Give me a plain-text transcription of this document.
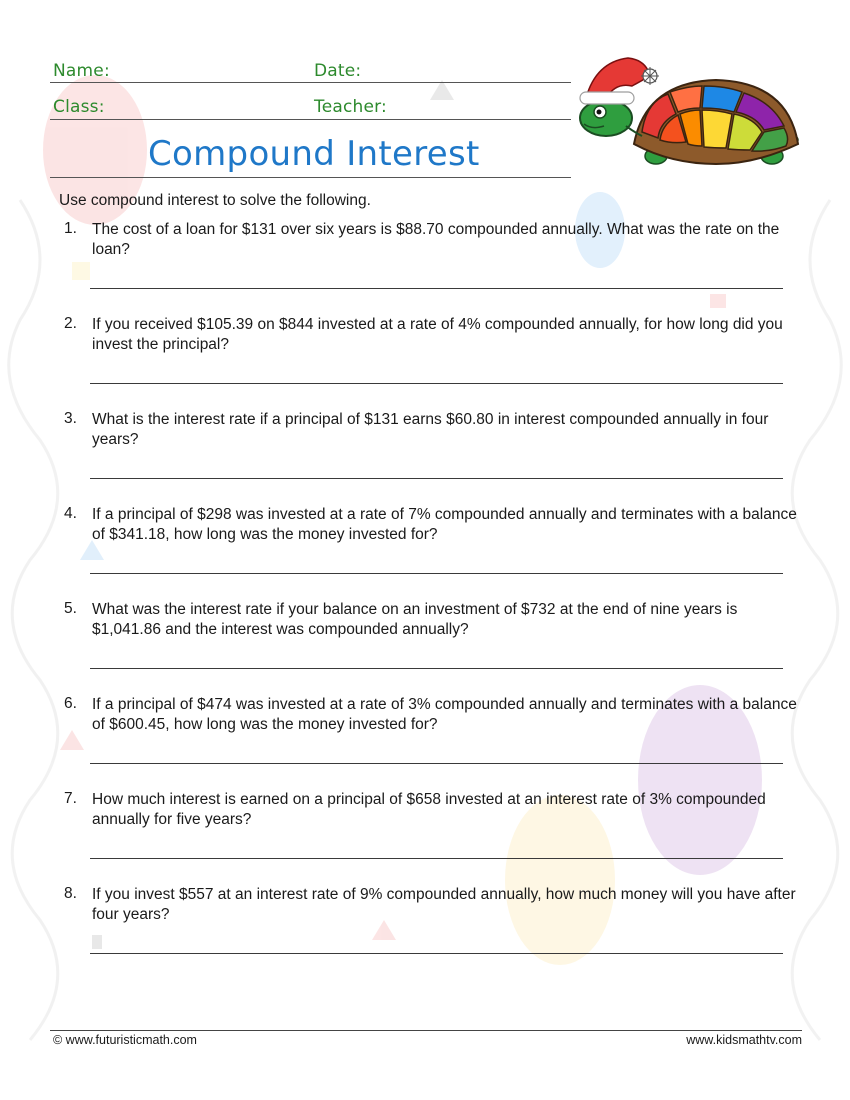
Name:	Date:
Class:	Teacher:
Compound Interest
Use compound interest to solve the following.
1. The cost of a loan for $131 over six years is $88.70 compounded annually. What was the rate on the loan?
2. If you received $105.39 on $844 invested at a rate of 4% compounded annually, for how long did you invest the principal?
3. What is the interest rate if a principal of $131 earns $60.80 in interest compounded annually in four years?
4. If a principal of $298 was invested at a rate of 7% compounded annually and terminates with a balance of $341.18, how long was the money invested for?
5. What was the interest rate if your balance on an investment of $732 at the end of nine years is $1,041.86 and the interest was compounded annually?
6. If a principal of $474 was invested at a rate of 3% compounded annually and terminates with a balance of $600.45, how long was the money invested for?
7. How much interest is earned on a principal of $658 invested at an interest rate of 3% compounded annually for five years?
8. If you invest $557 at an interest rate of 9% compounded annually, how much money will you have after four years?
© www.futuristicmath.com	www.kidsmathtv.com
